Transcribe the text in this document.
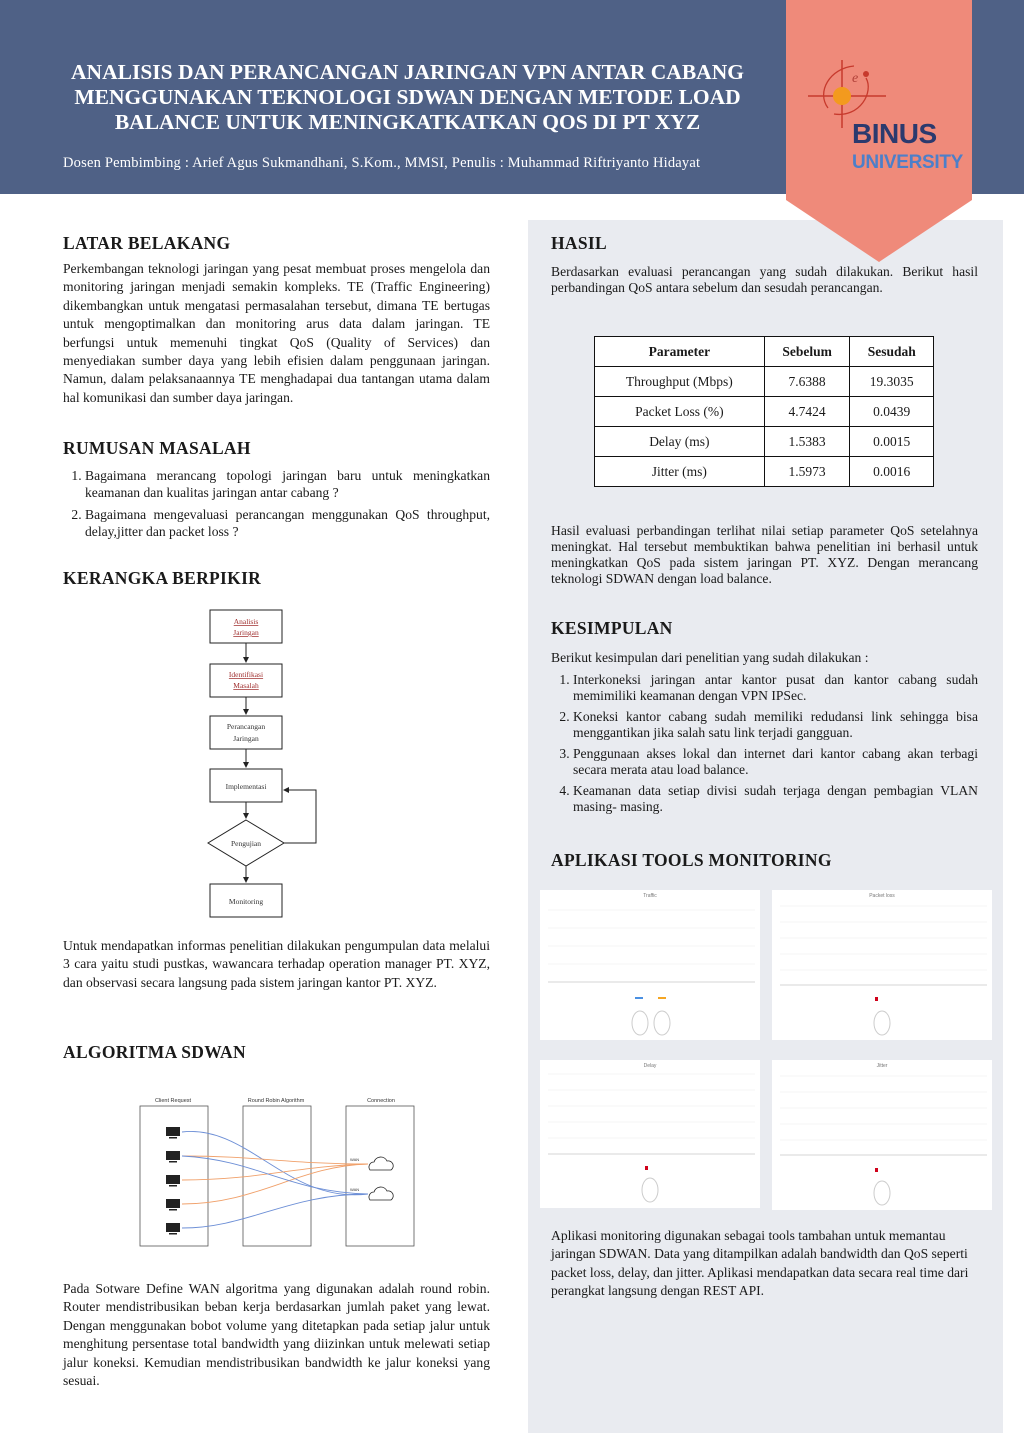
ANALISIS DAN PERANCANGAN JARINGAN VPN ANTAR CABANG MENGGUNAKAN TEKNOLOGI SDWAN DENGAN METODE LOAD BALANCE UNTUK MENINGKATKATKAN QOS DI PT XYZ
Dosen Pembimbing : Arief Agus Sukmandhani, S.Kom., MMSI, Penulis : Muhammad Riftriyanto Hidayat
e
BINUS
UNIVERSITY
LATAR BELAKANG

Perkembangan teknologi jaringan yang pesat membuat proses mengelola dan monitoring jaringan menjadi semakin kompleks. TE (Traffic Engineering) dikembangkan untuk mengatasi permasalahan tersebut, dimana TE bertugas untuk mengoptimalkan dan monitoring arus data dalam jaringan. TE berfungsi untuk memenuhi tingkat QoS (Quality of Services) dan menyediakan sumber daya yang lebih efisien dalam penggunaan jaringan. Namun, dalam pelaksanaannya TE menghadapai dua tantangan utama dalam hal komunikasi dan sumber daya jaringan.

RUMUSAN MASALAH
1. Bagaimana merancang topologi jaringan baru untuk meningkatkan keamanan dan kualitas jaringan antar cabang ?
2. Bagaimana mengevaluasi perancangan menggunakan QoS throughput, delay,jitter dan packet loss ?
KERANGKA BERPIKIR
Analisis
Jaringan
Identifikasi
Masalah
Perancangan
Jaringan
Implementasi
Pengujian
Monitoring

Untuk mendapatkan informas penelitian dilakukan pengumpulan data melalui 3 cara yaitu studi pustkas, wawancara terhadap operation manager PT. XYZ, dan observasi secara langsung pada sistem jaringan kantor PT. XYZ.

ALGORITMA SDWAN
Client Request	Round Robin Algorithm	Connection
WAN
WAN

Pada Sotware Define WAN algoritma yang digunakan adalah round robin. Router mendistribusikan beban kerja berdasarkan jumlah paket yang lewat. Dengan menggunakan bobot volume yang ditetapkan pada setiap jalur untuk menghitung persentase total bandwidth yang diizinkan untuk melewati setiap jalur koneksi. Kemudian mendistribusikan bandwidth ke jalur koneksi yang sesuai.

HASIL

Berdasarkan evaluasi perancangan yang sudah dilakukan. Berikut hasil perbandingan QoS antara sebelum dan sesudah perancangan.

Parameter	Sebelum	Sesudah
Throughput (Mbps)	7.6388	19.3035
Packet Loss (%)	4.7424	0.0439
Delay (ms)	1.5383	0.0015
Jitter (ms)	1.5973	0.0016

Hasil evaluasi perbandingan terlihat nilai setiap parameter QoS setelahnya meningkat. Hal tersebut membuktikan bahwa penelitian ini berhasil untuk meningkatkan QoS pada sistem jaringan PT. XYZ. Dengan merancang teknologi SDWAN dengan load balance.

KESIMPULAN

Berikut kesimpulan dari penelitian yang sudah dilakukan :

1. Interkoneksi jaringan antar kantor pusat dan kantor cabang sudah memimiliki keamanan dengan VPN IPSec.
2. Koneksi kantor cabang sudah memiliki redudansi link sehingga bisa menggantikan jika salah satu link terjadi gangguan.
3. Penggunaan akses lokal dan internet dari kantor cabang akan terbagi secara merata atau load balance.
4. Keamanan data setiap divisi sudah terjaga dengan pembagian VLAN masing- masing.
APLIKASI TOOLS MONITORING
Traffic	Packet loss
Delay	Jitter

Aplikasi monitoring digunakan sebagai tools tambahan untuk memantau jaringan SDWAN. Data yang ditampilkan adalah bandwidth dan QoS seperti packet loss, delay, dan jitter. Aplikasi mendapatkan data secara real time dari perangkat langsung dengan REST API.
